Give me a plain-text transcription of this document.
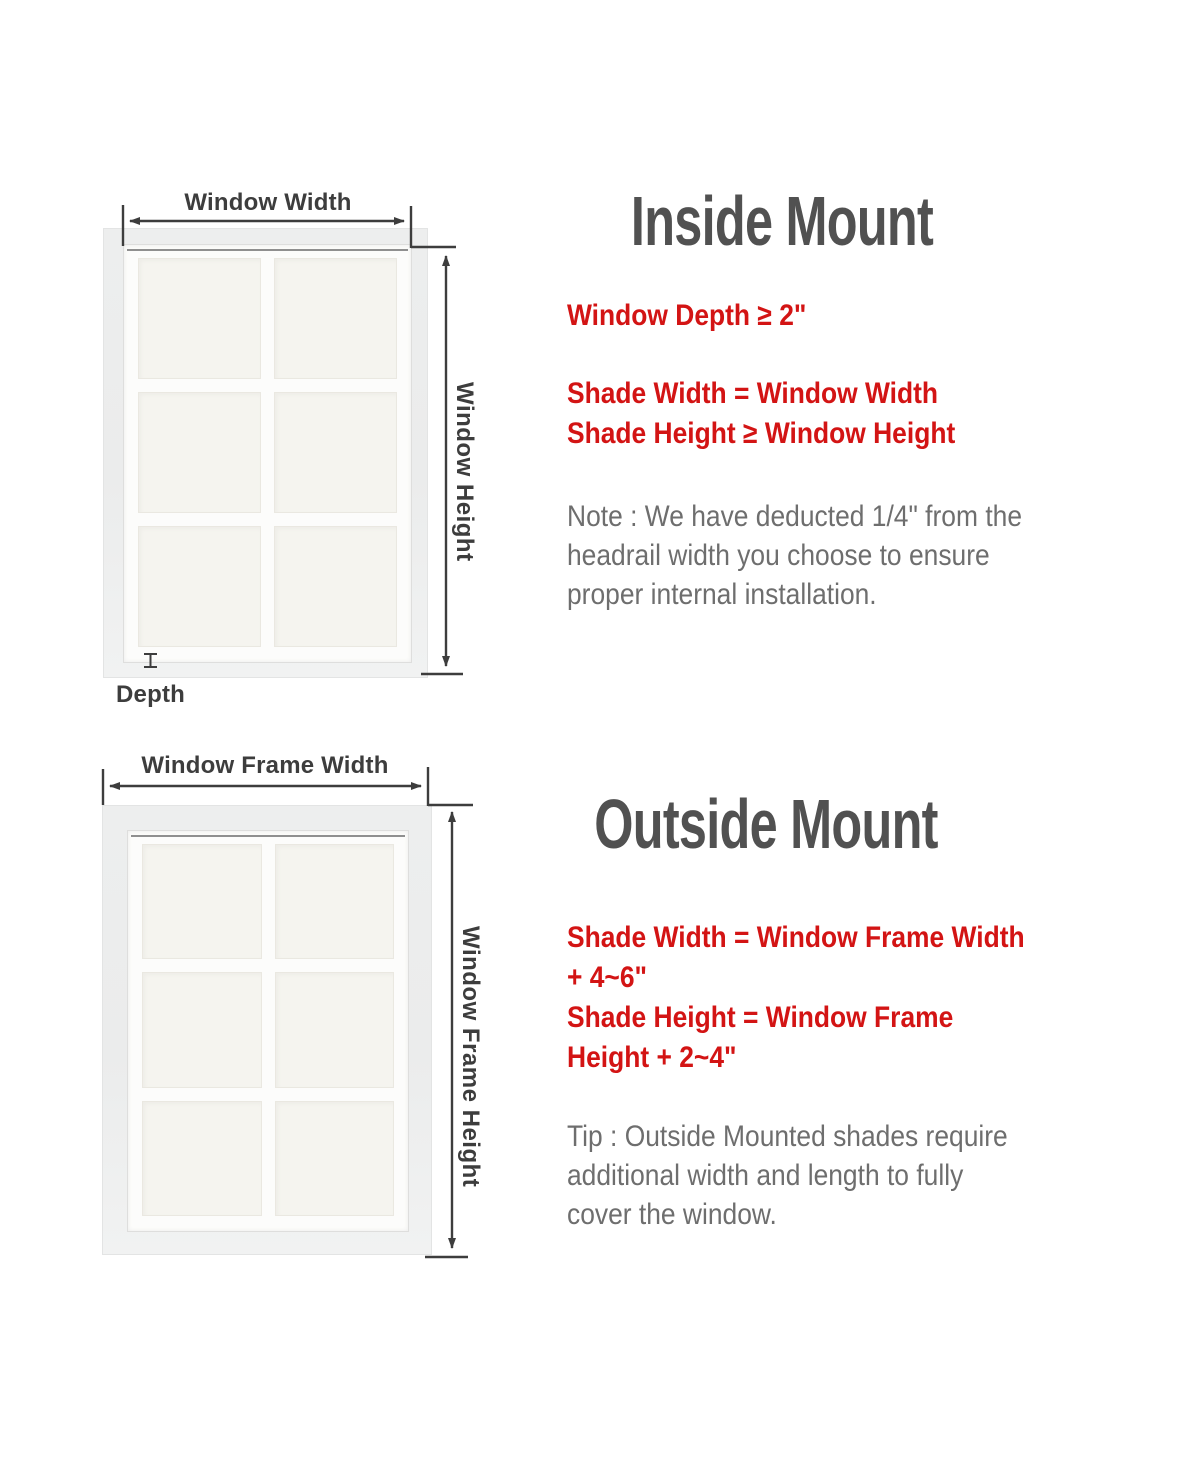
Window Width
Window Height
Depth
Window Frame Width
Window Frame Height
Inside Mount
Window Depth ≥ 2"
Shade Width = Window Width
Shade Height ≥ Window Height
Note : We have deducted 1/4" from the
headrail width you choose to ensure
proper internal installation.
Outside Mount
Shade Width = Window Frame Width
+ 4~6"
Shade Height = Window Frame
Height + 2~4"
Tip : Outside Mounted shades require
additional width and length to fully
cover the window.
